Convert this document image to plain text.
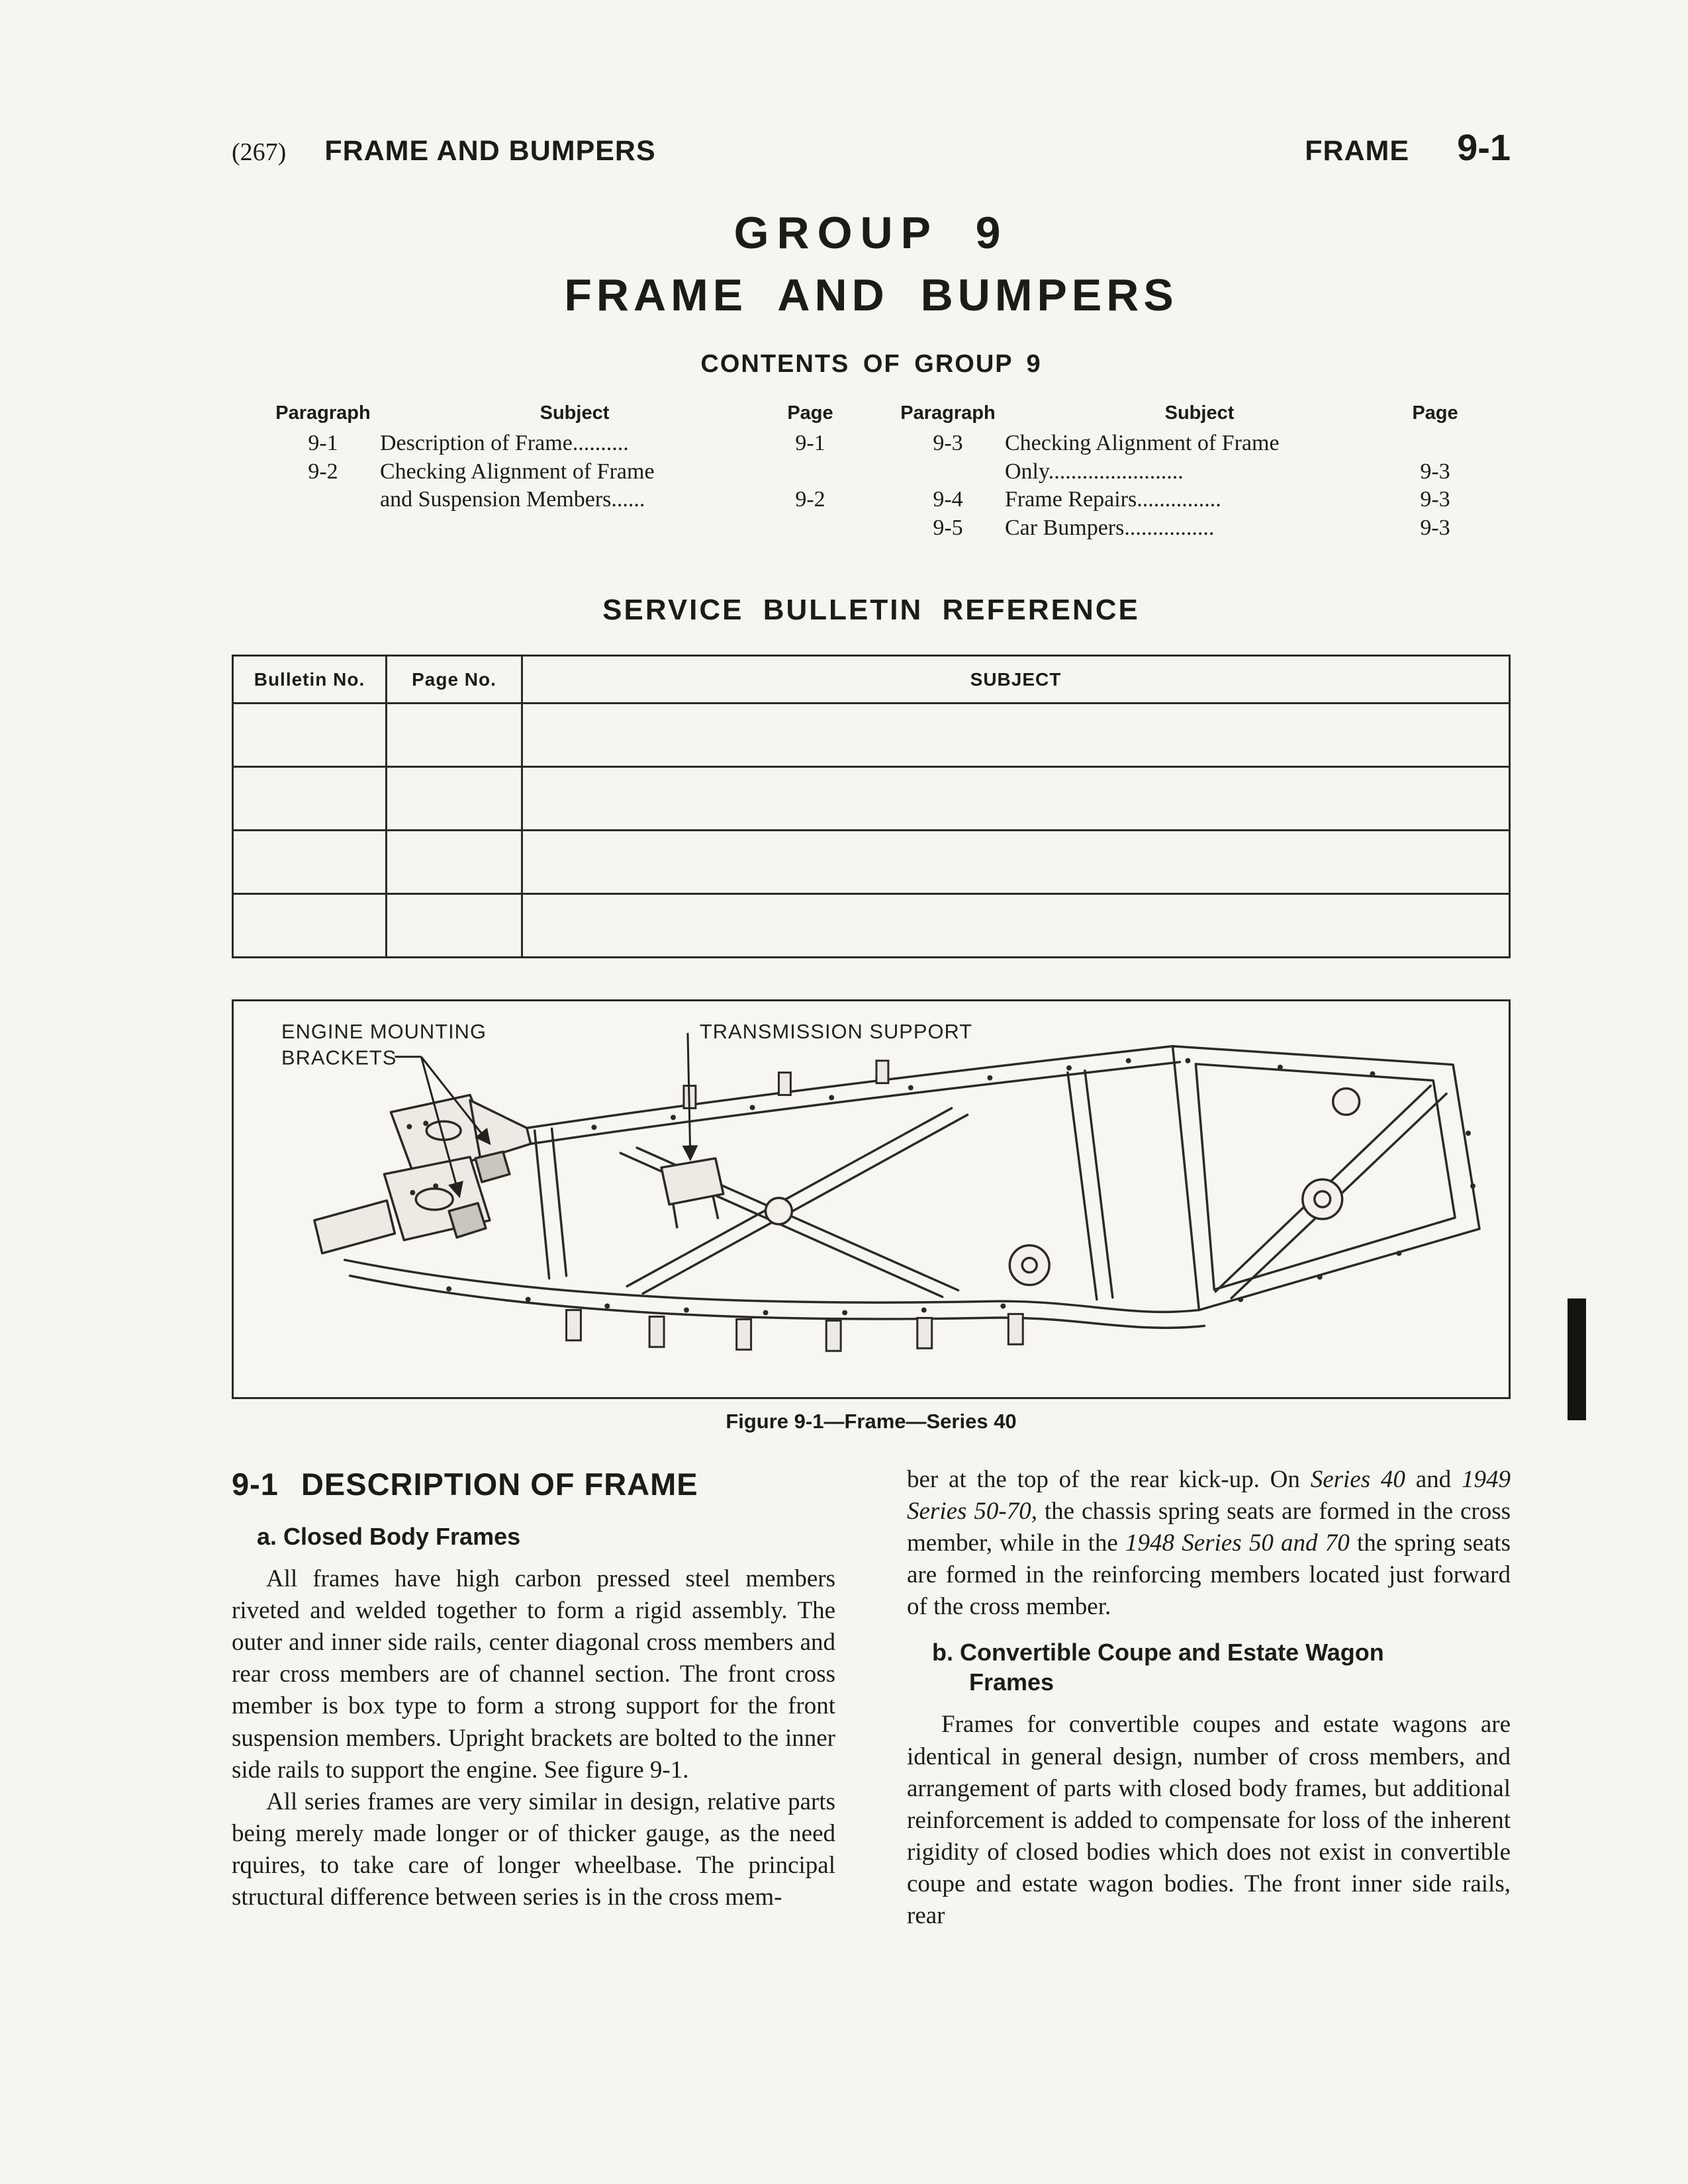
(267) FRAME AND BUMPERS	FRAME 9-1
GROUP 9
FRAME AND BUMPERS
CONTENTS OF GROUP 9
Paragraph	Subject	Page
9-1	Description of Frame..........	9-1
9-2	Checking Alignment of Frame
and Suspension Members......	9-2
Paragraph	Subject	Page
9-3	Checking Alignment of Frame
Only........................	9-3
9-4	Frame Repairs...............	9-3
9-5	Car Bumpers................	9-3
SERVICE BULLETIN REFERENCE
Bulletin No.	Page No.	SUBJECT

ENGINE MOUNTING
BRACKETS
TRANSMISSION SUPPORT
Figure 9-1—Frame—Series 40
9-1 DESCRIPTION OF FRAME
a. Closed Body Frames

All frames have high carbon pressed steel members riveted and welded together to form a rigid assembly. The outer and inner side rails, center diagonal cross members and rear cross members are of channel section. The front cross member is box type to form a strong support for the front suspension members. Upright brackets are bolted to the inner side rails to support the engine. See figure 9-1.

All series frames are very similar in design, relative parts being merely made longer or of thicker gauge, as the need rquires, to take care of longer wheelbase. The principal structural difference between series is in the cross mem-

ber at the top of the rear kick-up. On Series 40 and 1949 Series 50-70, the chassis spring seats are formed in the cross member, while in the 1948 Series 50 and 70 the spring seats are formed in the reinforcing members located just forward of the cross member.

b. Convertible Coupe and Estate Wagon
Frames

Frames for convertible coupes and estate wagons are identical in general design, number of cross members, and arrangement of parts with closed body frames, but additional reinforcement is added to compensate for loss of the inherent rigidity of closed bodies which does not exist in convertible coupe and estate wagon bodies. The front inner side rails, rear
